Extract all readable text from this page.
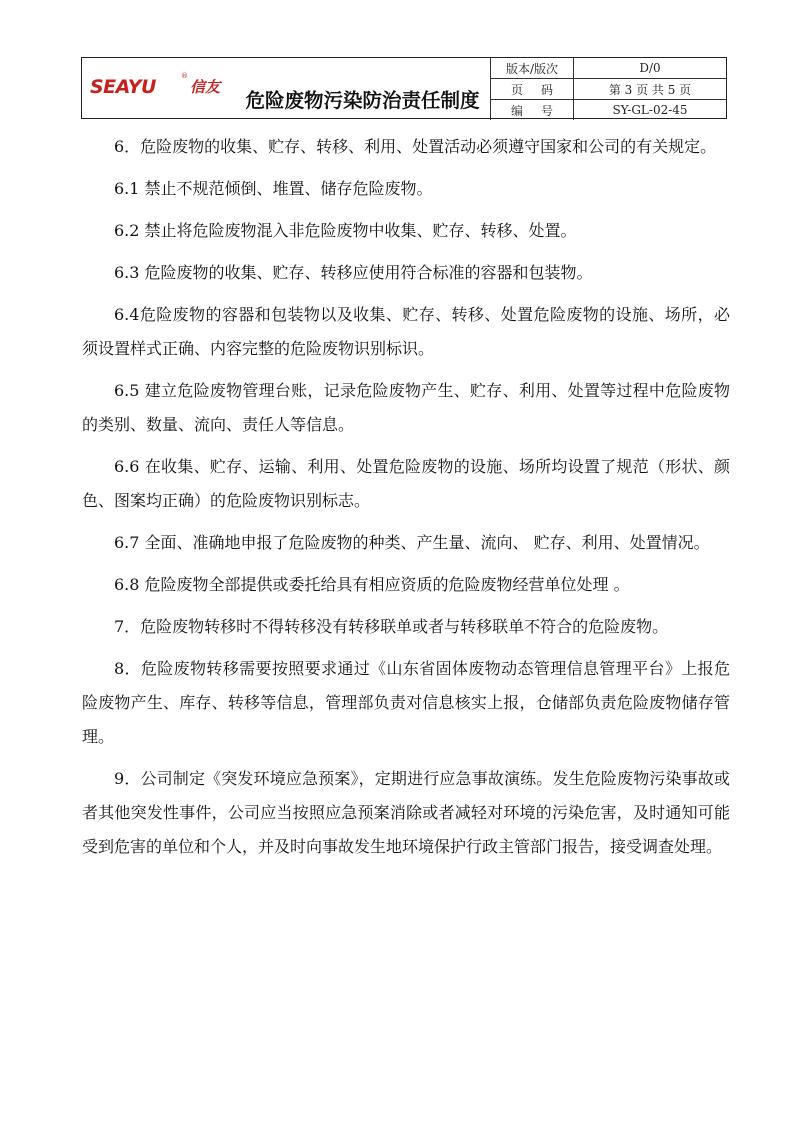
SEAYU	®
信友
危险废物污染防治责任制度
版本/版次	D/0
页码	第 3 页 共 5 页
编号	SY-GL-02-45

6．危险废物的收集、贮存、转移、利用、处置活动必须遵守国家和公司的有关规定。

6.1 禁止不规范倾倒、堆置、储存危险废物。

6.2 禁止将危险废物混入非危险废物中收集、贮存、转移、处置。

6.3 危险废物的收集、贮存、转移应使用符合标准的容器和包装物。

6.4危险废物的容器和包装物以及收集、贮存、转移、处置危险废物的设施、场所，必须设置样式正确、内容完整的危险废物识别标识。

6.5 建立危险废物管理台账，记录危险废物产生、贮存、利用、处置等过程中危险废物的类别、数量、流向、责任人等信息。

6.6 在收集、贮存、运输、利用、处置危险废物的设施、场所均设置了规范（形状、颜色、图案均正确）的危险废物识别标志。

6.7 全面、准确地申报了危险废物的种类、产生量、流向、 贮存、利用、处置情况。

6.8 危险废物全部提供或委托给具有相应资质的危险废物经营单位处理 。

7．危险废物转移时不得转移没有转移联单或者与转移联单不符合的危险废物。

8．危险废物转移需要按照要求通过《山东省固体废物动态管理信息管理平台》上报危险废物产生、库存、转移等信息，管理部负责对信息核实上报，仓储部负责危险废物储存管理。

9．公司制定《突发环境应急预案》，定期进行应急事故演练。发生危险废物污染事故或者其他突发性事件，公司应当按照应急预案消除或者减轻对环境的污染危害，及时通知可能受到危害的单位和个人，并及时向事故发生地环境保护行政主管部门报告，接受调查处理。
